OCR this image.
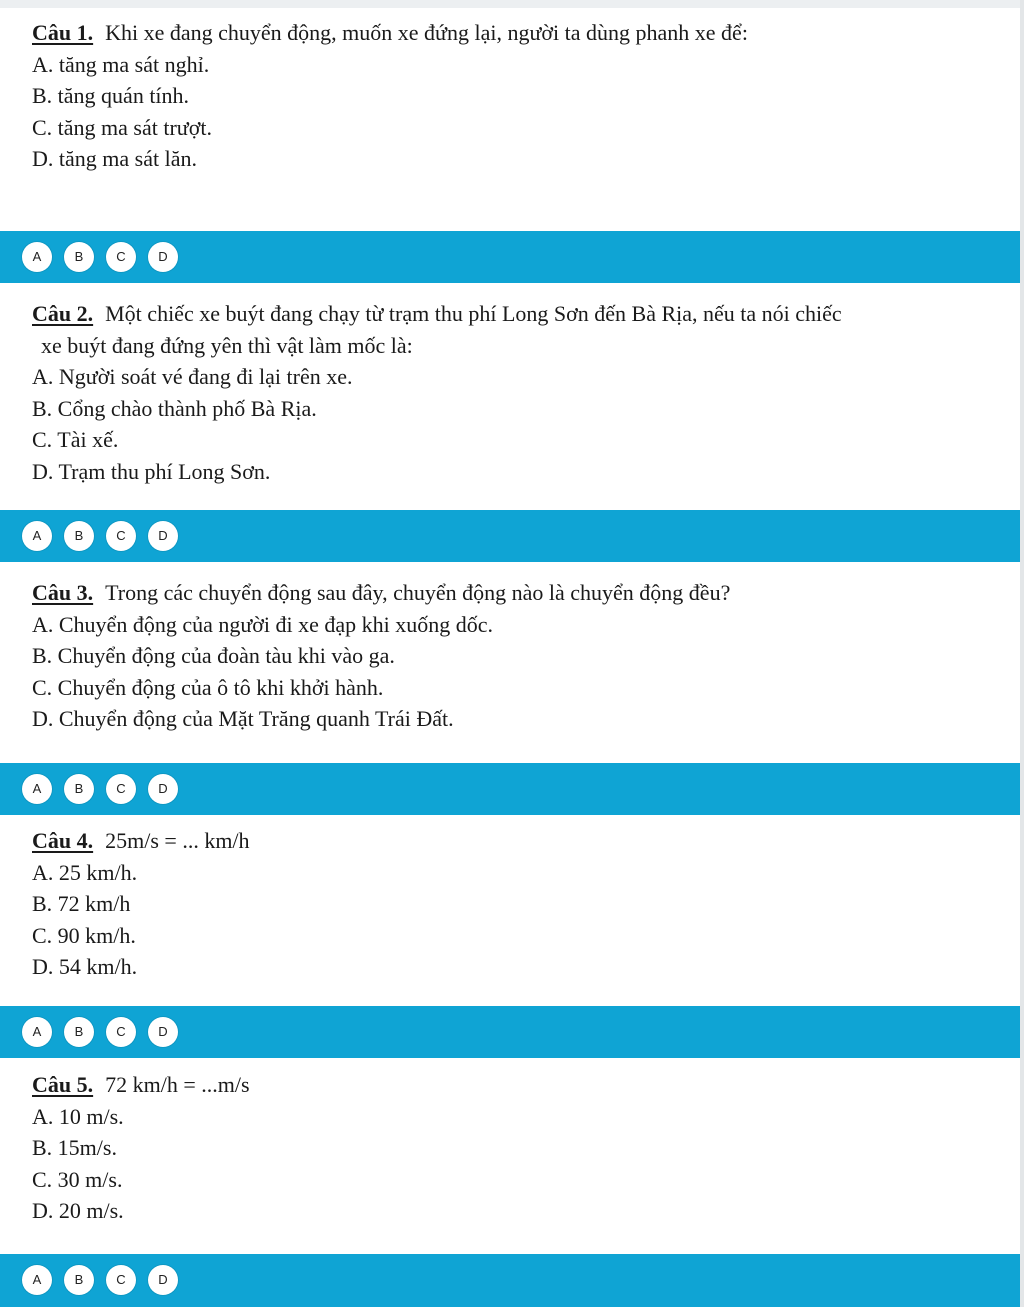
Câu 1. Khi xe đang chuyển động, muốn xe đứng lại, người ta dùng phanh xe để:
A. tăng ma sát nghỉ.
B. tăng quán tính.
C. tăng ma sát trượt.
D. tăng ma sát lăn.
A	B	C	D
Câu 2. Một chiếc xe buýt đang chạy từ trạm thu phí Long Sơn đến Bà Rịa, nếu ta nói chiếc
xe buýt đang đứng yên thì vật làm mốc là:
A. Người soát vé đang đi lại trên xe.
B. Cổng chào thành phố Bà Rịa.
C. Tài xế.
D. Trạm thu phí Long Sơn.
A	B	C	D
Câu 3. Trong các chuyển động sau đây, chuyển động nào là chuyển động đều?
A. Chuyển động của người đi xe đạp khi xuống dốc.
B. Chuyển động của đoàn tàu khi vào ga.
C. Chuyển động của ô tô khi khởi hành.
D. Chuyển động của Mặt Trăng quanh Trái Đất.
A	B	C	D
Câu 4. 25m/s = ... km/h
A. 25 km/h.
B. 72 km/h
C. 90 km/h.
D. 54 km/h.
A	B	C	D
Câu 5. 72 km/h = ...m/s
A. 10 m/s.
B. 15m/s.
C. 30 m/s.
D. 20 m/s.
A	B	C	D
